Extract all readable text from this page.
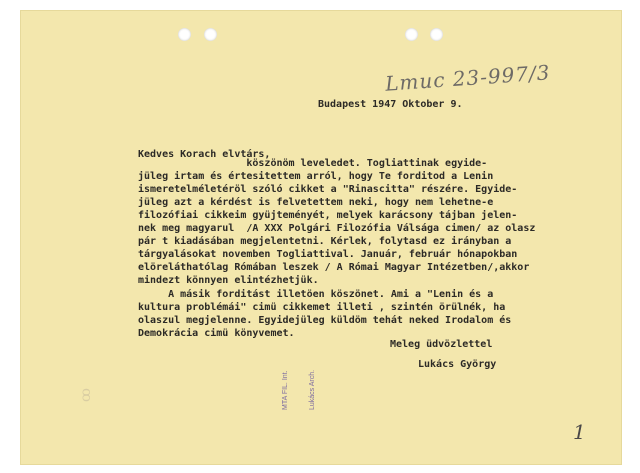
Lmuc 23-997/3

Budapest 1947 Oktober 9.

Kedves Korach elvtárs,

köszönöm leveledet. Togliattinak egyide-

jüleg irtam és értesitettem arról, hogy Te forditod a Lenin

ismeretelméletéröl szóló cikket a "Rinascitta" részére. Egyide-

jüleg azt a kérdést is felvetettem neki, hogy nem lehetne-e

filozófiai cikkeim gyüjteményét, melyek karácsony tájban jelen-

nek meg magyarul  /A XXX Polgári Filozófia Válsága cimen/ az olasz

pár t kiadásában megjelentetni. Kérlek, folytasd ez irányban a

tárgyalásokat novemben Togliattival. Január, február hónapokban

elöreláthatólag Rómában leszek / A Római Magyar Intézetben/,akkor

mindezt könnyen elintézhetjük.

A másik forditást illetöen köszönet. Ami a "Lenin és a

kultura problémái" cimü cikkemet illeti , szintén örülnék, ha

olaszul megjelenne. Egyidejüleg küldöm tehát neked Irodalom és

Demokrácia cimü könyvemet.

Meleg üdvözlettel

Lukács György

MTA FIL. Int.

	Lukács Arch.

ꝏ
1
